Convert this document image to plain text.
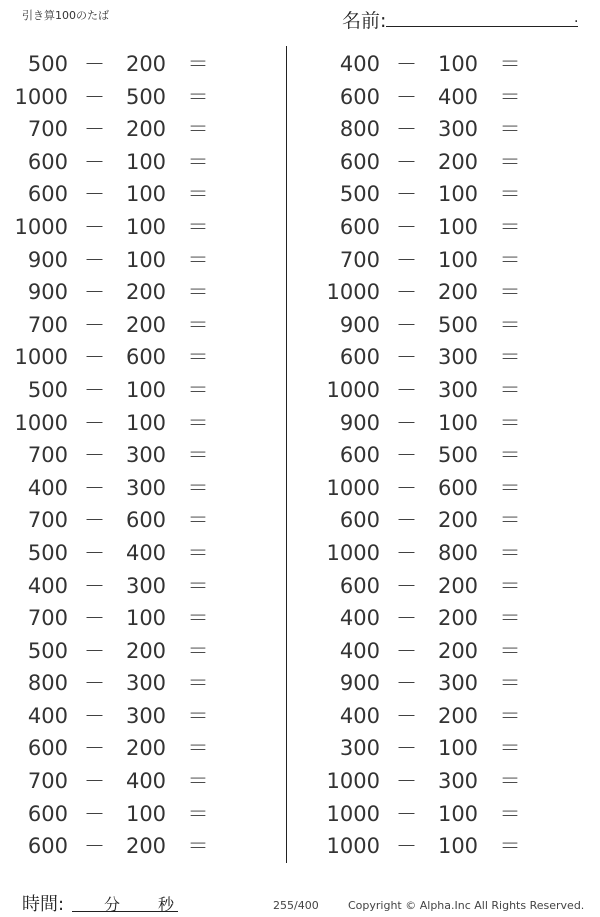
引き算100のたば	名前:	.
500 － 200 ＝
1000 － 500 ＝
700 － 200 ＝
600 － 100 ＝
600 － 100 ＝
1000 － 100 ＝
900 － 100 ＝
900 － 200 ＝
700 － 200 ＝
1000 － 600 ＝
500 － 100 ＝
1000 － 100 ＝
700 － 300 ＝
400 － 300 ＝
700 － 600 ＝
500 － 400 ＝
400 － 300 ＝
700 － 100 ＝
500 － 200 ＝
800 － 300 ＝
400 － 300 ＝
600 － 200 ＝
700 － 400 ＝
600 － 100 ＝
600 － 200 ＝
400 － 100 ＝
600 － 400 ＝
800 － 300 ＝
600 － 200 ＝
500 － 100 ＝
600 － 100 ＝
700 － 100 ＝
1000 － 200 ＝
900 － 500 ＝
600 － 300 ＝
1000 － 300 ＝
900 － 100 ＝
600 － 500 ＝
1000 － 600 ＝
600 － 200 ＝
1000 － 800 ＝
600 － 200 ＝
400 － 200 ＝
400 － 200 ＝
900 － 300 ＝
400 － 200 ＝
300 － 100 ＝
1000 － 300 ＝
1000 － 100 ＝
1000 － 100 ＝
時間: 分 秒	255/400	Copyright © Alpha.Inc All Rights Reserved.
